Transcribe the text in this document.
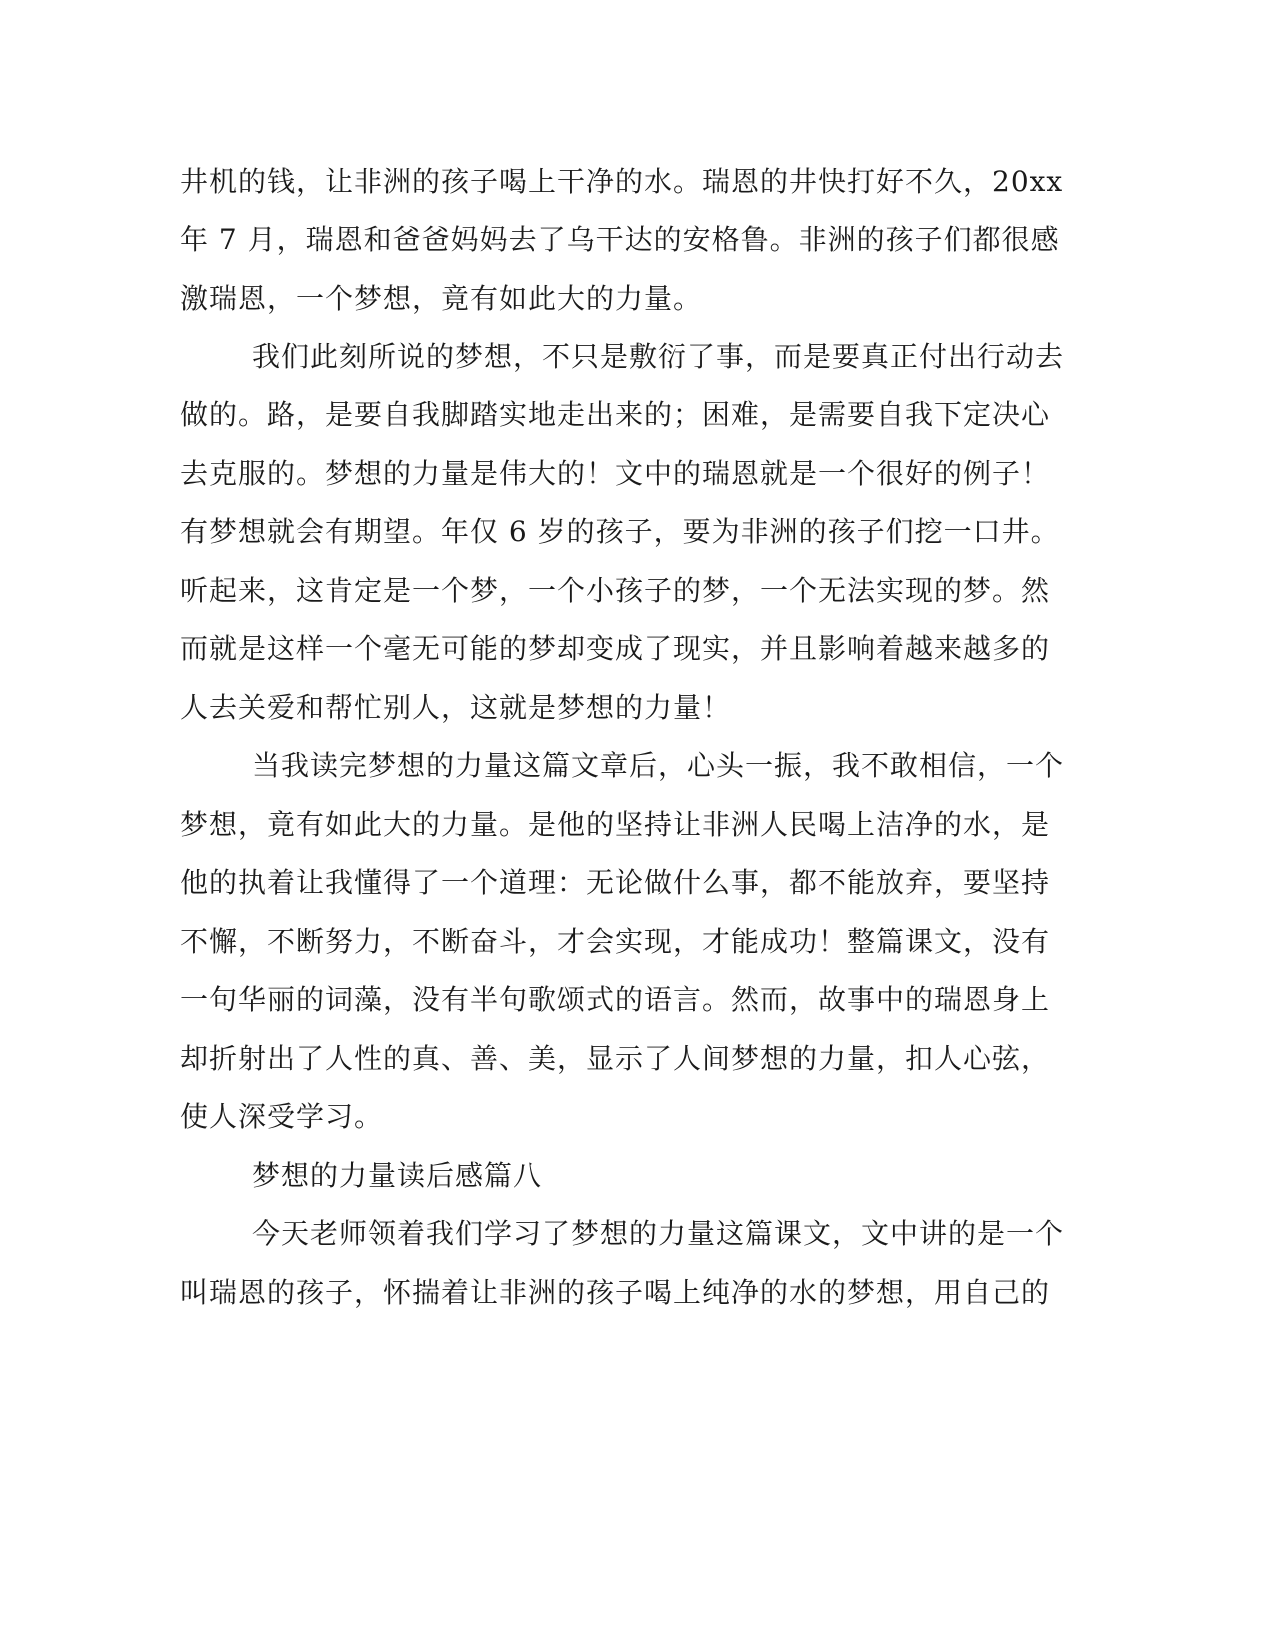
井机的钱，让非洲的孩子喝上干净的水。瑞恩的井快打好不久，20xx
年 7 月，瑞恩和爸爸妈妈去了乌干达的安格鲁。非洲的孩子们都很感
激瑞恩，一个梦想，竟有如此大的力量。
我们此刻所说的梦想，不只是敷衍了事，而是要真正付出行动去
做的。路，是要自我脚踏实地走出来的；困难，是需要自我下定决心
去克服的。梦想的力量是伟大的！文中的瑞恩就是一个很好的例子！
有梦想就会有期望。年仅 6 岁的孩子，要为非洲的孩子们挖一口井。
听起来，这肯定是一个梦，一个小孩子的梦，一个无法实现的梦。然
而就是这样一个毫无可能的梦却变成了现实，并且影响着越来越多的
人去关爱和帮忙别人，这就是梦想的力量！
当我读完梦想的力量这篇文章后，心头一振，我不敢相信，一个
梦想，竟有如此大的力量。是他的坚持让非洲人民喝上洁净的水，是
他的执着让我懂得了一个道理：无论做什么事，都不能放弃，要坚持
不懈，不断努力，不断奋斗，才会实现，才能成功！整篇课文，没有
一句华丽的词藻，没有半句歌颂式的语言。然而，故事中的瑞恩身上
却折射出了人性的真、善、美，显示了人间梦想的力量，扣人心弦，
使人深受学习。
梦想的力量读后感篇八
今天老师领着我们学习了梦想的力量这篇课文，文中讲的是一个
叫瑞恩的孩子，怀揣着让非洲的孩子喝上纯净的水的梦想，用自己的
